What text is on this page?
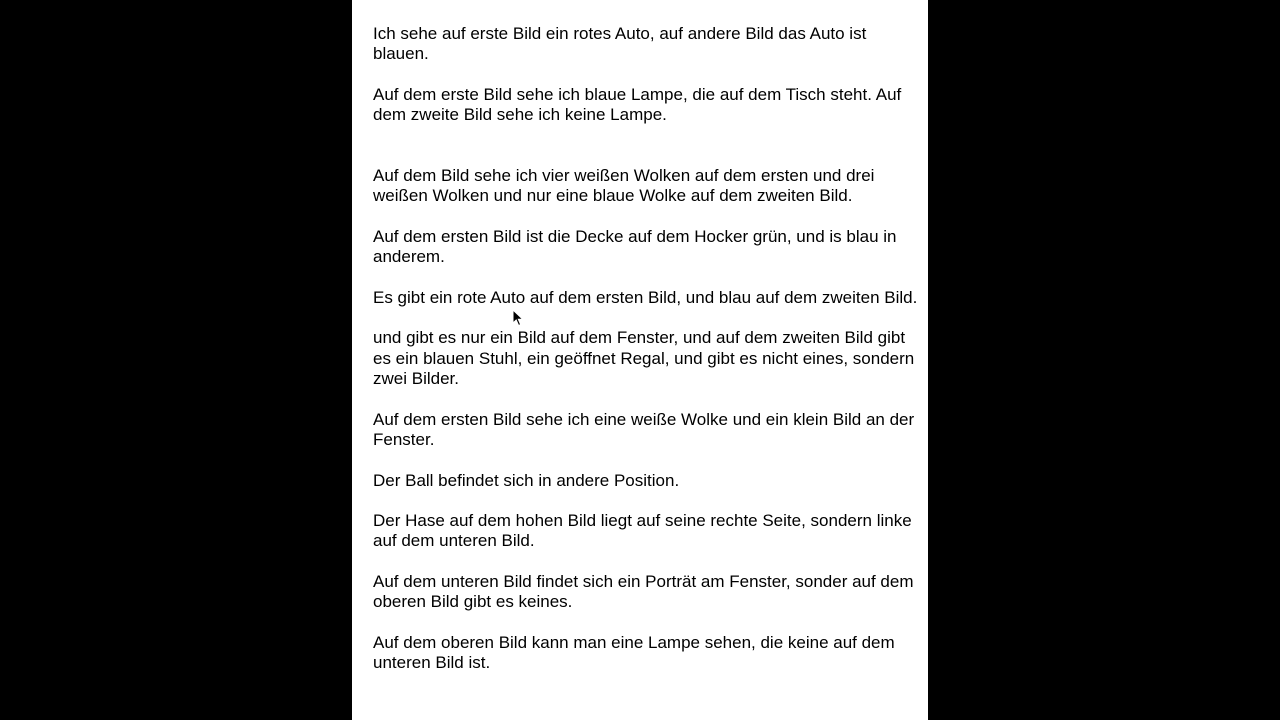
Ich sehe auf erste Bild ein rotes Auto, auf andere Bild das Auto ist blauen.

Auf dem erste Bild sehe ich blaue Lampe, die auf dem Tisch steht. Auf dem zweite Bild sehe ich keine Lampe.

Auf dem Bild sehe ich vier weißen Wolken auf dem ersten und drei weißen Wolken und nur eine blaue Wolke auf dem zweiten Bild.

Auf dem ersten Bild ist die Decke auf dem Hocker grün, und is blau in anderem.

Es gibt ein rote Auto auf dem ersten Bild, und blau auf dem zweiten Bild.

und gibt es nur ein Bild auf dem Fenster, und auf dem zweiten Bild gibt es ein blauen Stuhl, ein geöffnet Regal, und gibt es nicht eines, sondern zwei Bilder.

Auf dem ersten Bild sehe ich eine weiße Wolke und ein klein Bild an der Fenster.

Der Ball befindet sich in andere Position.

Der Hase auf dem hohen Bild liegt auf seine rechte Seite, sondern linke auf dem unteren Bild.

Auf dem unteren Bild findet sich ein Porträt am Fenster, sonder auf dem oberen Bild gibt es keines.

Auf dem oberen Bild kann man eine Lampe sehen, die keine auf dem unteren Bild ist.
